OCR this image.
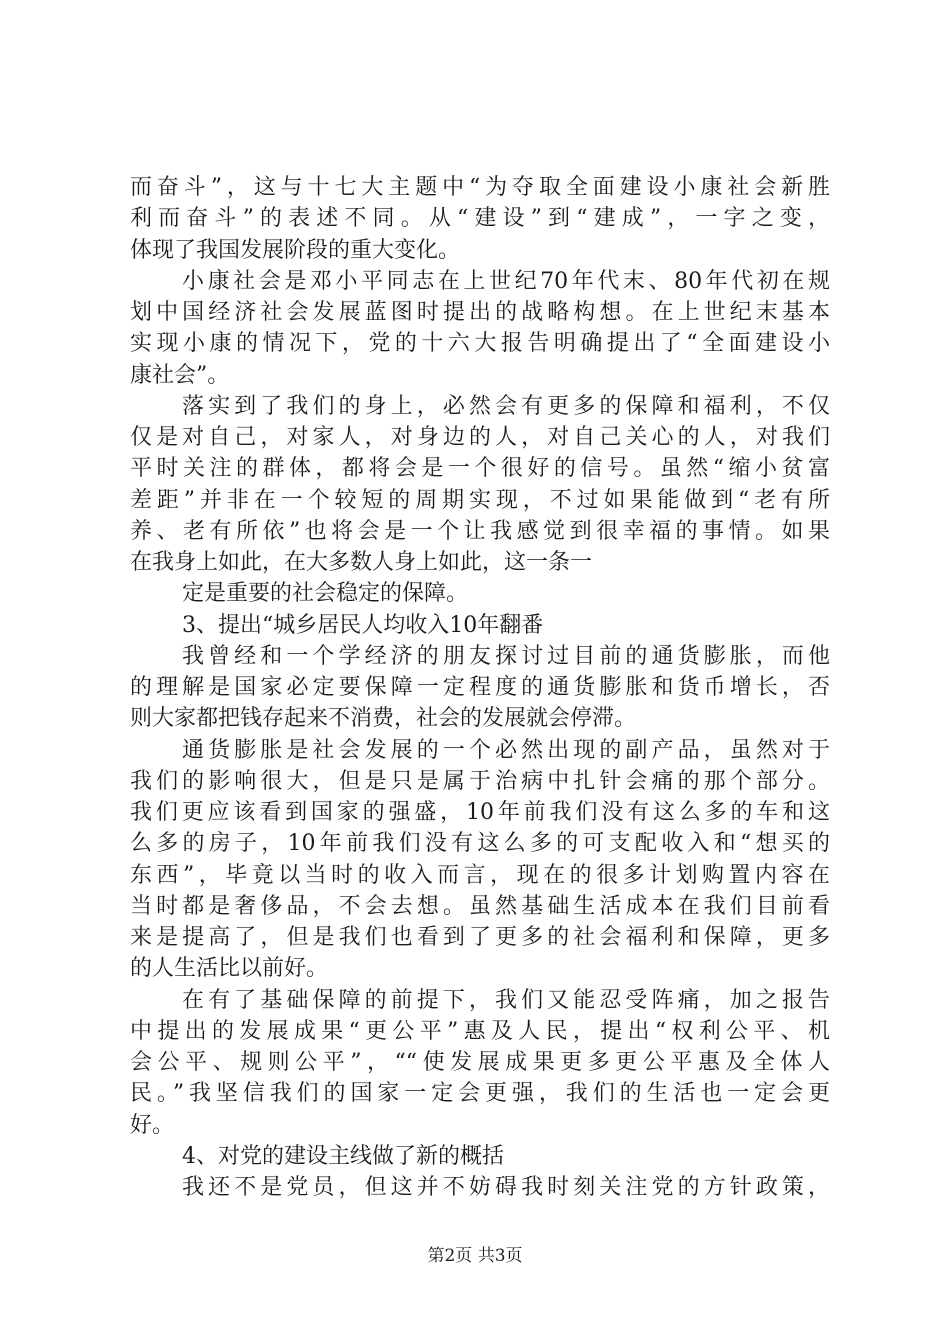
而奋斗”，这与十七大主题中“为夺取全面建设小康社会新胜
利而奋斗”的表述不同。从“建设”到“建成”，一字之变，
体现了我国发展阶段的重大变化。
小康社会是邓小平同志在上世纪70年代末、80年代初在规
划中国经济社会发展蓝图时提出的战略构想。在上世纪末基本
实现小康的情况下，党的十六大报告明确提出了“全面建设小
康社会”。
落实到了我们的身上，必然会有更多的保障和福利，不仅
仅是对自己，对家人，对身边的人，对自己关心的人，对我们
平时关注的群体，都将会是一个很好的信号。虽然“缩小贫富
差距”并非在一个较短的周期实现，不过如果能做到“老有所
养、老有所依”也将会是一个让我感觉到很幸福的事情。如果
在我身上如此，在大多数人身上如此，这一条一
定是重要的社会稳定的保障。
3、提出“城乡居民人均收入10年翻番
我曾经和一个学经济的朋友探讨过目前的通货膨胀，而他
的理解是国家必定要保障一定程度的通货膨胀和货币增长，否
则大家都把钱存起来不消费，社会的发展就会停滞。
通货膨胀是社会发展的一个必然出现的副产品，虽然对于
我们的影响很大，但是只是属于治病中扎针会痛的那个部分。
我们更应该看到国家的强盛，10年前我们没有这么多的车和这
么多的房子，10年前我们没有这么多的可支配收入和“想买的
东西”，毕竟以当时的收入而言，现在的很多计划购置内容在
当时都是奢侈品，不会去想。虽然基础生活成本在我们目前看
来是提高了，但是我们也看到了更多的社会福利和保障，更多
的人生活比以前好。
在有了基础保障的前提下，我们又能忍受阵痛，加之报告
中提出的发展成果“更公平”惠及人民，提出“权利公平、机
会公平、规则公平”，““使发展成果更多更公平惠及全体人
民。”我坚信我们的国家一定会更强，我们的生活也一定会更
好。
4、对党的建设主线做了新的概括
我还不是党员，但这并不妨碍我时刻关注党的方针政策，
第2页 共3页
